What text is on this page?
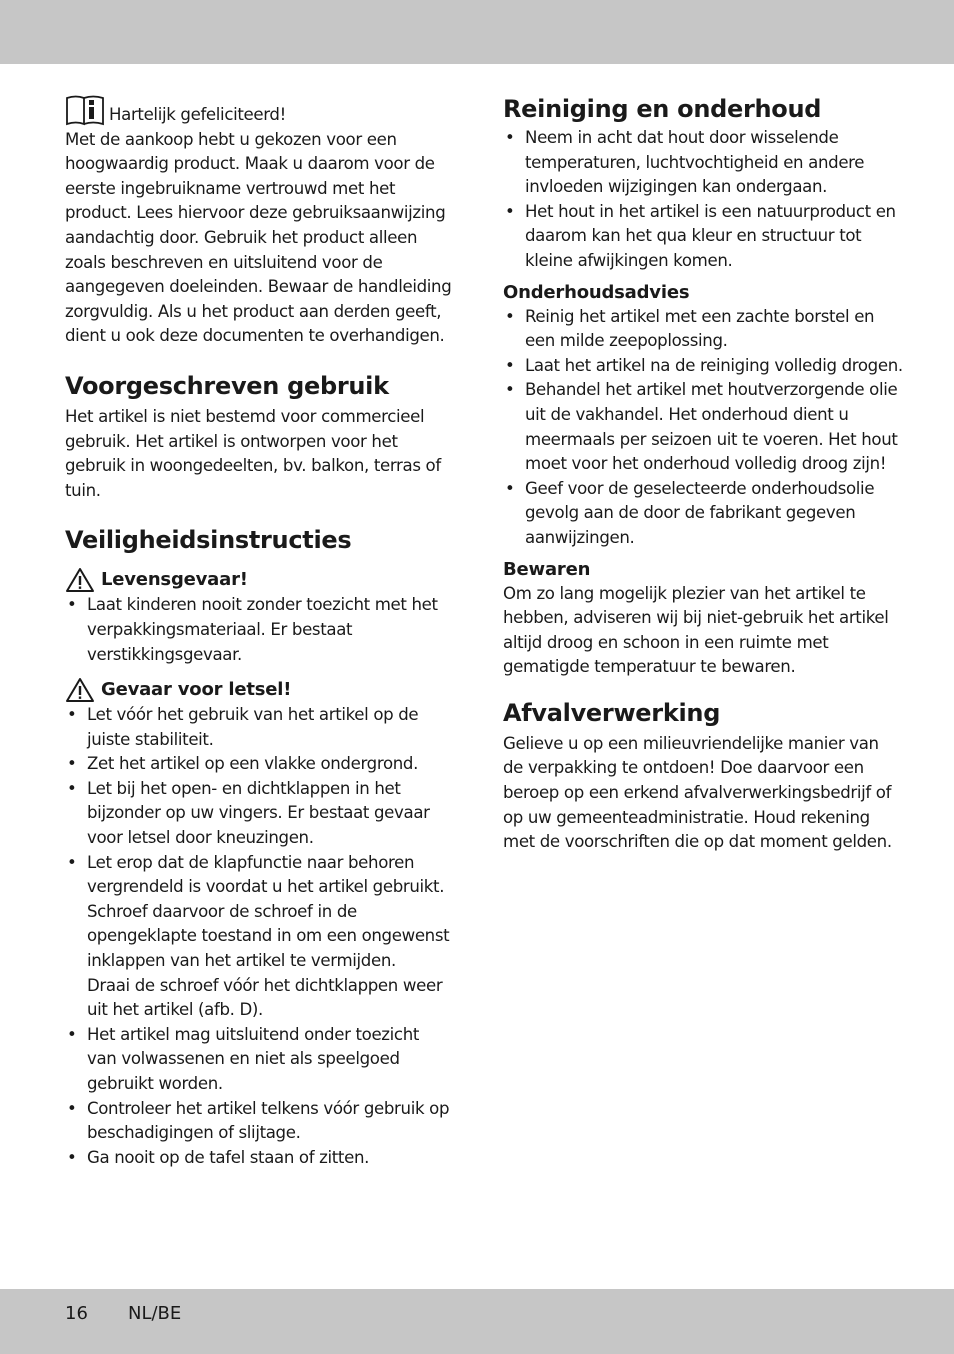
Hartelijk gefeliciteerd!

Met de aankoop hebt u gekozen voor een hoogwaardig product. Maak u daarom voor de eerste ingebruikname vertrouwd met het product. Lees hiervoor deze gebruiksaanwijzing aandachtig door. Gebruik het product alleen zoals beschreven en uitsluitend voor de aangegeven doeleinden. Bewaar de handleiding zorgvuldig. Als u het product aan derden geeft, dient u ook deze documenten te overhandigen.

Voorgeschreven gebruik

Het artikel is niet bestemd voor commercieel gebruik. Het artikel is ontworpen voor het gebruik in woongedeelten, bv. balkon, terras of tuin.

Veiligheidsinstructies
Levensgevaar!
• Laat kinderen nooit zonder toezicht met het verpakkingsmateriaal. Er bestaat verstikkingsgevaar.
Gevaar voor letsel!
• Let vóór het gebruik van het artikel op de juiste stabiliteit.
• Zet het artikel op een vlakke ondergrond.
• Let bij het open- en dichtklappen in het bijzonder op uw vingers. Er bestaat gevaar voor letsel door kneuzingen.
• Let erop dat de klapfunctie naar behoren vergrendeld is voordat u het artikel gebruikt. Schroef daarvoor de schroef in de opengeklapte toestand in om een ongewenst inklappen van het artikel te vermijden.
Draai de schroef vóór het dichtklappen weer uit het artikel (afb. D).
• Het artikel mag uitsluitend onder toezicht van volwassenen en niet als speelgoed gebruikt worden.
• Controleer het artikel telkens vóór gebruik op beschadigingen of slijtage.
• Ga nooit op de tafel staan of zitten.
Reiniging en onderhoud
• Neem in acht dat hout door wisselende temperaturen, luchtvochtigheid en andere invloeden wijzigingen kan ondergaan.
• Het hout in het artikel is een natuurproduct en daarom kan het qua kleur en structuur tot kleine afwijkingen komen.
Onderhoudsadvies
• Reinig het artikel met een zachte borstel en een milde zeepoplossing.
• Laat het artikel na de reiniging volledig drogen.
• Behandel het artikel met houtverzorgende olie uit de vakhandel. Het onderhoud dient u meermaals per seizoen uit te voeren. Het hout moet voor het onderhoud volledig droog zijn!
• Geef voor de geselecteerde onderhoudsolie gevolg aan de door de fabrikant gegeven aanwijzingen.
Bewaren

Om zo lang mogelijk plezier van het artikel te hebben, adviseren wij bij niet-gebruik het artikel altijd droog en schoon in een ruimte met gematigde temperatuur te bewaren.

Afvalverwerking

Gelieve u op een milieuvriendelijke manier van de verpakking te ontdoen! Doe daarvoor een beroep op een erkend afvalverwerkingsbedrijf of op uw gemeenteadministratie. Houd rekening met de voorschriften die op dat moment gelden.

16 NL/BE
